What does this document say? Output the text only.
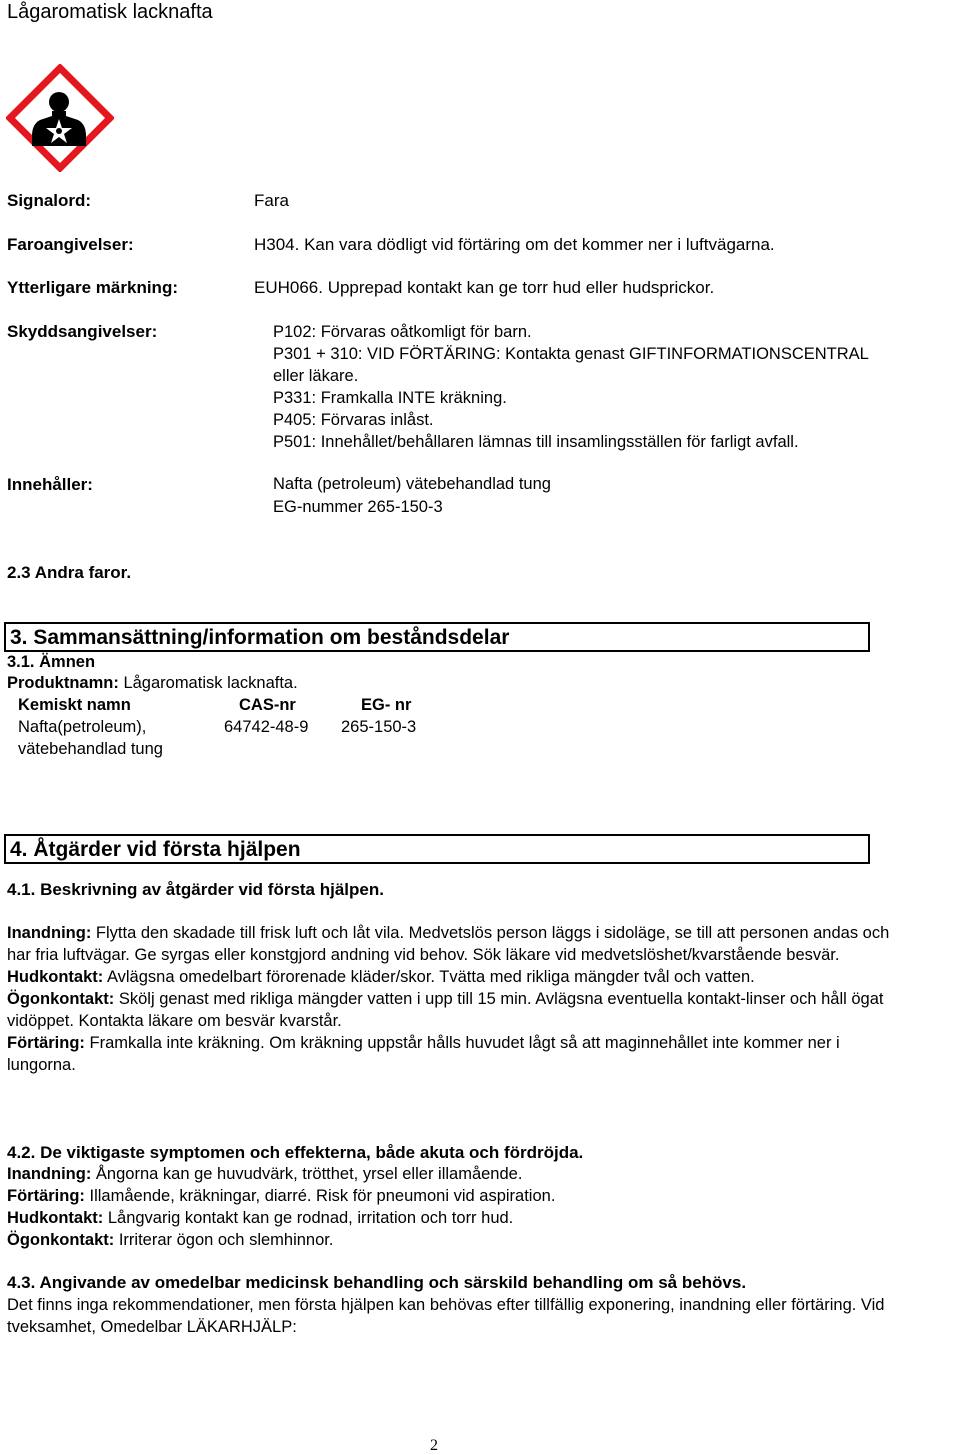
Lågaromatisk lacknafta
Signalord:	Fara
Faroangivelser:	H304. Kan vara dödligt vid förtäring om det kommer ner i luftvägarna.
Ytterligare märkning:	EUH066. Upprepad kontakt kan ge torr hud eller hudsprickor.
Skyddsangivelser:	P102: Förvaras oåtkomligt för barn.
P301 + 310: VID FÖRTÄRING: Kontakta genast GIFTINFORMATIONSCENTRAL
eller läkare.
P331: Framkalla INTE kräkning.
P405: Förvaras inlåst.
P501: Innehållet/behållaren lämnas till insamlingsställen för farligt avfall.
Innehåller:	Nafta (petroleum) vätebehandlad tung
EG-nummer 265-150-3
2.3 Andra faror.
3. Sammansättning/information om beståndsdelar
3.1. Ämnen
Produktnamn: Lågaromatisk lacknafta.
Kemiskt namn	CAS-nr	EG- nr
Nafta(petroleum),
vätebehandlad tung
64742-48-9 265-150-3
4. Åtgärder vid första hjälpen
4.1. Beskrivning av åtgärder vid första hjälpen.
Inandning: Flytta den skadade till frisk luft och låt vila. Medvetslös person läggs i sidoläge, se till att personen andas och har fria luftvägar. Ge syrgas eller konstgjord andning vid behov. Sök läkare vid medvetslöshet/kvarstående besvär.
Hudkontakt: Avlägsna omedelbart förorenade kläder/skor. Tvätta med rikliga mängder tvål och vatten.
Ögonkontakt: Skölj genast med rikliga mängder vatten i upp till 15 min. Avlägsna eventuella kontakt-linser och håll ögat vidöppet. Kontakta läkare om besvär kvarstår.
Förtäring: Framkalla inte kräkning. Om kräkning uppstår hålls huvudet lågt så att maginnehållet inte kommer ner i lungorna.
4.2. De viktigaste symptomen och effekterna, både akuta och fördröjda.
Inandning: Ångorna kan ge huvudvärk, trötthet, yrsel eller illamående.
Förtäring: Illamående, kräkningar, diarré. Risk för pneumoni vid aspiration.
Hudkontakt: Långvarig kontakt kan ge rodnad, irritation och torr hud.
Ögonkontakt: Irriterar ögon och slemhinnor.
4.3. Angivande av omedelbar medicinsk behandling och särskild behandling om så behövs.
Det finns inga rekommendationer, men första hjälpen kan behövas efter tillfällig exponering, inandning eller förtäring. Vid tveksamhet, Omedelbar LÄKARHJÄLP:
2
